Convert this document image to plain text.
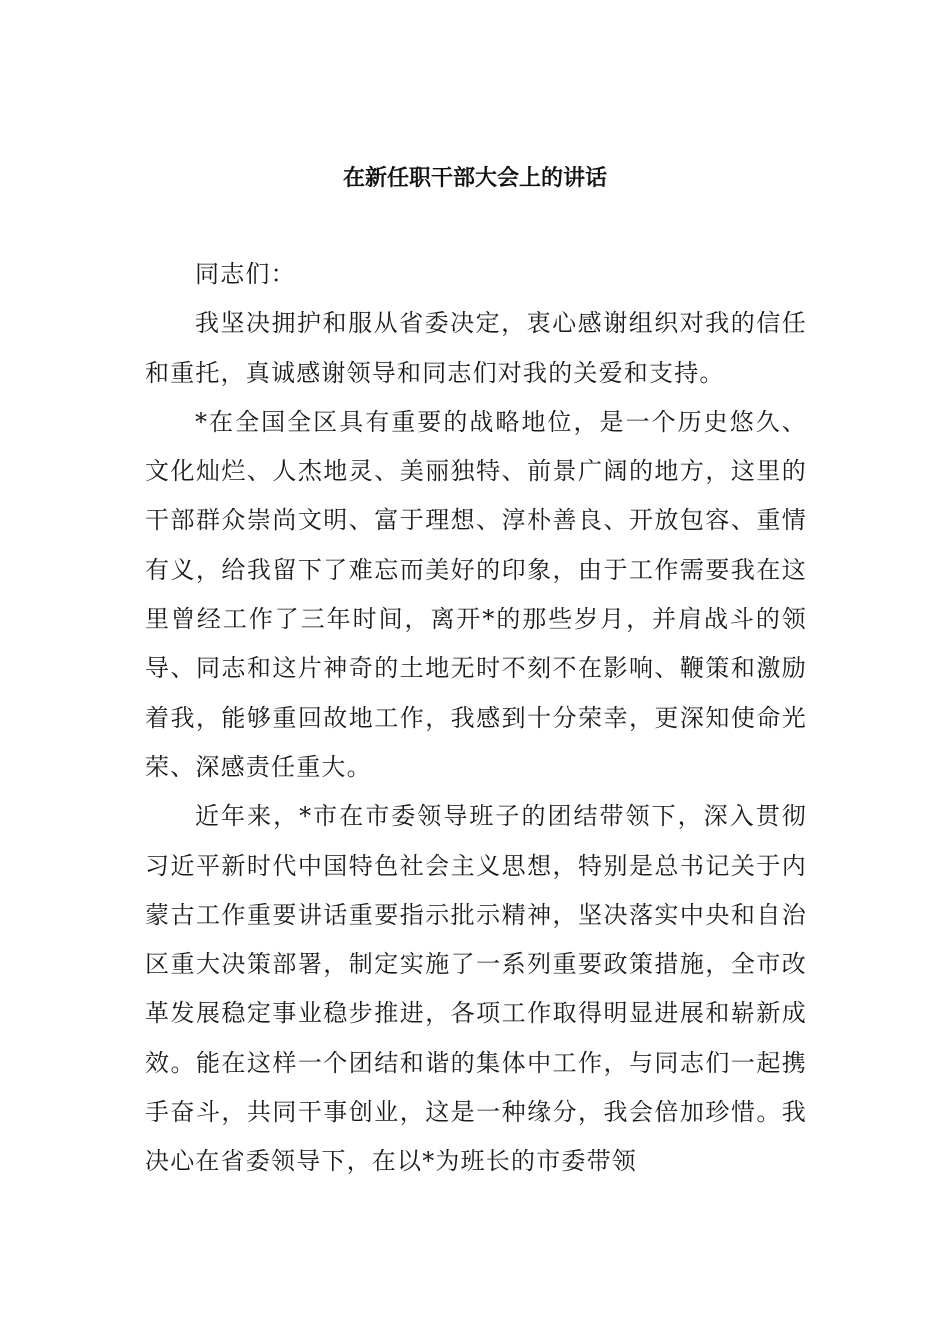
在新任职干部大会上的讲话

同志们：

我坚决拥护和服从省委决定，衷心感谢组织对我的信任和重托，真诚感谢领导和同志们对我的关爱和支持。

*在全国全区具有重要的战略地位，是一个历史悠久、文化灿烂、人杰地灵、美丽独特、前景广阔的地方，这里的干部群众崇尚文明、富于理想、淳朴善良、开放包容、重情有义，给我留下了难忘而美好的印象，由于工作需要我在这里曾经工作了三年时间，离开*的那些岁月，并肩战斗的领导、同志和这片神奇的土地无时不刻不在影响、鞭策和激励着我，能够重回故地工作，我感到十分荣幸，更深知使命光荣、深感责任重大。

近年来，*市在市委领导班子的团结带领下，深入贯彻习近平新时代中国特色社会主义思想，特别是总书记关于内蒙古工作重要讲话重要指示批示精神，坚决落实中央和自治区重大决策部署，制定实施了一系列重要政策措施，全市改革发展稳定事业稳步推进，各项工作取得明显进展和崭新成效。能在这样一个团结和谐的集体中工作，与同志们一起携手奋斗，共同干事创业，这是一种缘分，我会倍加珍惜。我决心在省委领导下，在以*为班长的市委带领
